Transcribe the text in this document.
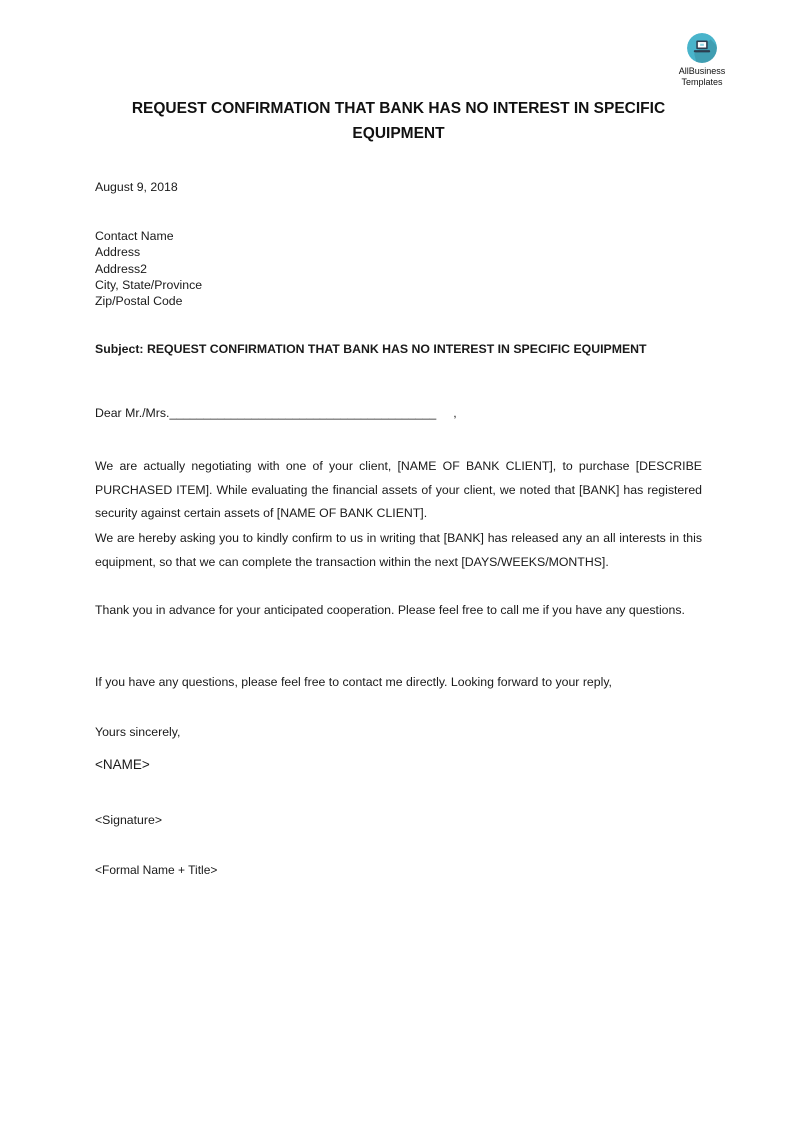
AllBusiness
Templates
REQUEST CONFIRMATION THAT BANK HAS NO INTEREST IN SPECIFIC EQUIPMENT
August 9, 2018
Contact Name
Address
Address2
City, State/Province
Zip/Postal Code
Subject: REQUEST CONFIRMATION THAT BANK HAS NO INTEREST IN SPECIFIC EQUIPMENT
Dear Mr./Mrs._______________________________________     ,

We are actually negotiating with one of your client, [NAME OF BANK CLIENT], to purchase [DESCRIBE PURCHASED ITEM]. While evaluating the financial assets of your client, we noted that [BANK] has registered security against certain assets of [NAME OF BANK CLIENT].

We are hereby asking you to kindly confirm to us in writing that [BANK] has released any an all interests in this equipment, so that we can complete the transaction within the next [DAYS/WEEKS/MONTHS].

Thank you in advance for your anticipated cooperation. Please feel free to call me if you have any questions.

If you have any questions, please feel free to contact me directly. Looking forward to your reply,

Yours sincerely,
<NAME>
<Signature>
<Formal Name + Title>
